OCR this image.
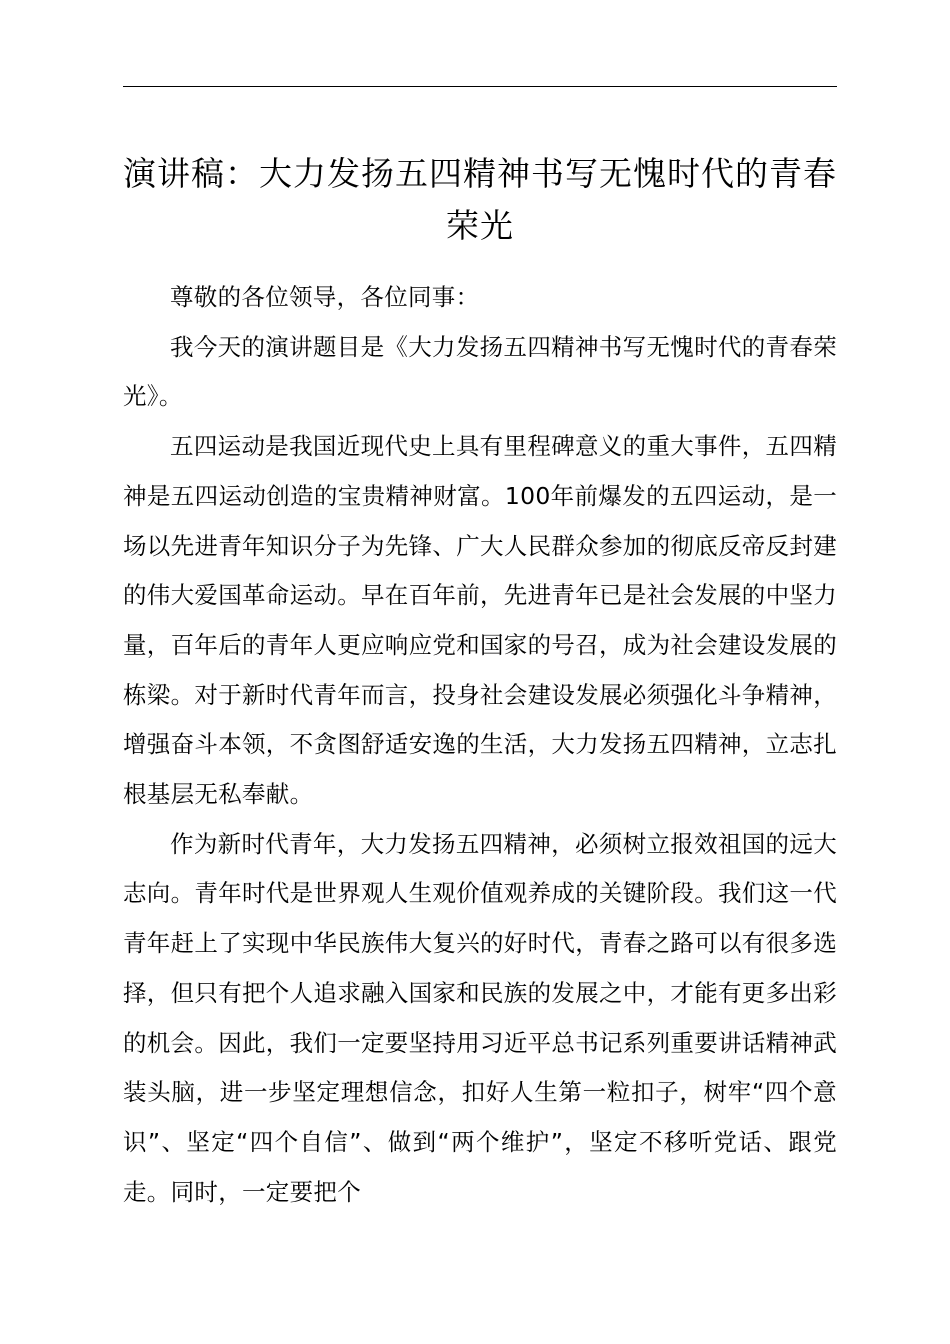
演讲稿：大力发扬五四精神书写无愧时代的青春荣光

尊敬的各位领导，各位同事：

我今天的演讲题目是《大力发扬五四精神书写无愧时代的青春荣光》。

五四运动是我国近现代史上具有里程碑意义的重大事件，五四精神是五四运动创造的宝贵精神财富。100年前爆发的五四运动，是一场以先进青年知识分子为先锋、广大人民群众参加的彻底反帝反封建的伟大爱国革命运动。早在百年前，先进青年已是社会发展的中坚力量，百年后的青年人更应响应党和国家的号召，成为社会建设发展的栋梁。对于新时代青年而言，投身社会建设发展必须强化斗争精神，增强奋斗本领，不贪图舒适安逸的生活，大力发扬五四精神，立志扎根基层无私奉献。

作为新时代青年，大力发扬五四精神，必须树立报效祖国的远大志向。青年时代是世界观人生观价值观养成的关键阶段。我们这一代青年赶上了实现中华民族伟大复兴的好时代，青春之路可以有很多选择，但只有把个人追求融入国家和民族的发展之中，才能有更多出彩的机会。因此，我们一定要坚持用习近平总书记系列重要讲话精神武装头脑，进一步坚定理想信念，扣好人生第一粒扣子，树牢“四个意识”、坚定“四个自信”、做到“两个维护”，坚定不移听党话、跟党走。同时，一定要把个
